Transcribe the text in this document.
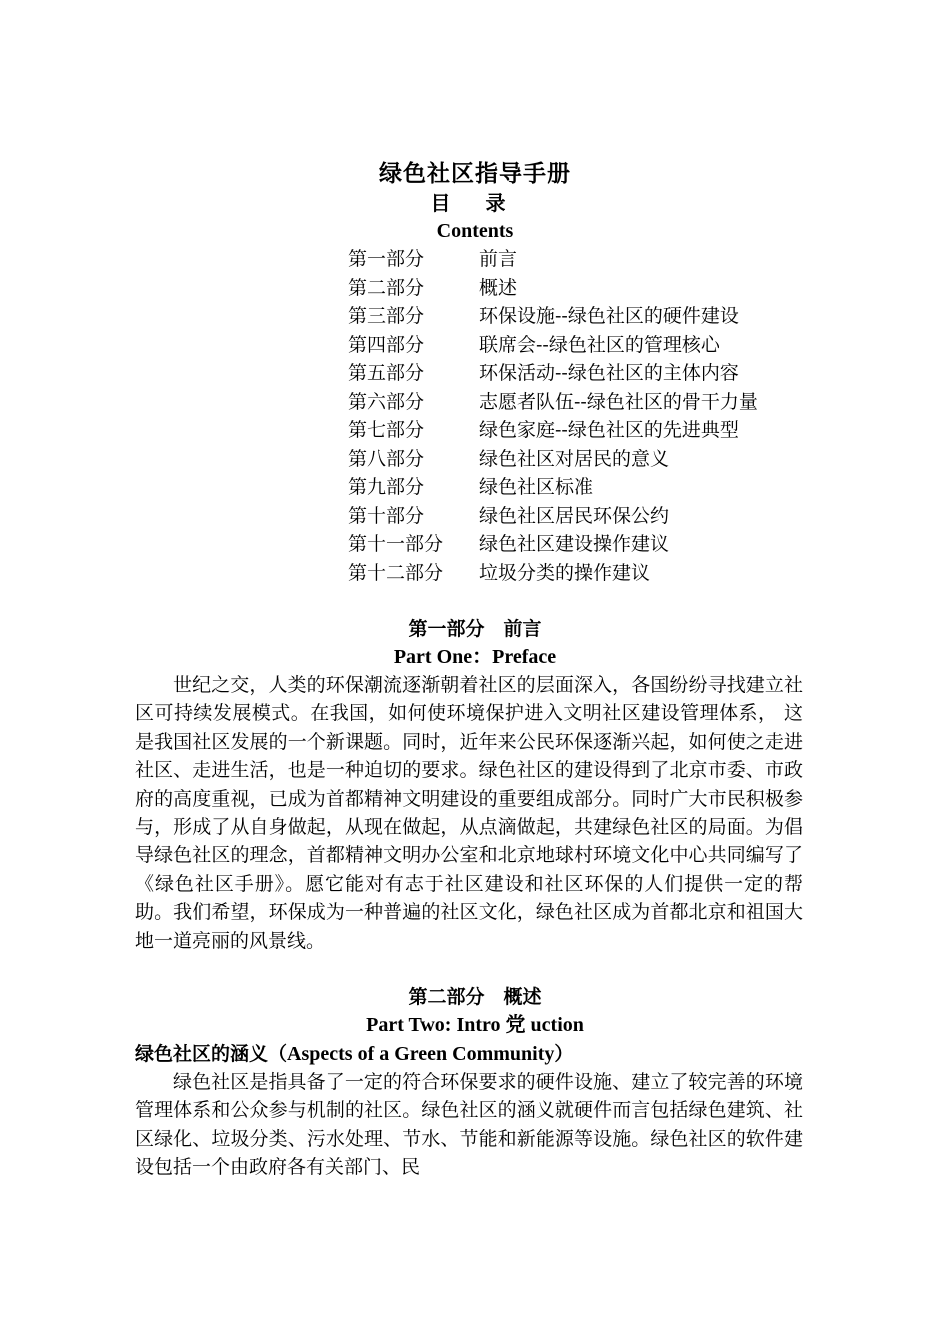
绿色社区指导手册
目 录
Contents
第一部分	前言
第二部分	概述
第三部分	环保设施--绿色社区的硬件建设
第四部分	联席会--绿色社区的管理核心
第五部分	环保活动--绿色社区的主体内容
第六部分	志愿者队伍--绿色社区的骨干力量
第七部分	绿色家庭--绿色社区的先进典型
第八部分	绿色社区对居民的意义
第九部分	绿色社区标准
第十部分	绿色社区居民环保公约
第十一部分 绿色社区建设操作建议
第十二部分 垃圾分类的操作建议
第一部分　前言
Part One：Preface

世纪之交，人类的环保潮流逐渐朝着社区的层面深入，各国纷纷寻找建立社区可持续发展模式。在我国，如何使环境保护进入文明社区建设管理体系， 这是我国社区发展的一个新课题。同时，近年来公民环保逐渐兴起，如何使之走进社区、走进生活，也是一种迫切的要求。绿色社区的建设得到了北京市委、市政府的高度重视，已成为首都精神文明建设的重要组成部分。同时广大市民积极参与，形成了从自身做起，从现在做起，从点滴做起，共建绿色社区的局面。为倡导绿色社区的理念，首都精神文明办公室和北京地球村环境文化中心共同编写了《绿色社区手册》。愿它能对有志于社区建设和社区环保的人们提供一定的帮助。我们希望，环保成为一种普遍的社区文化，绿色社区成为首都北京和祖国大地一道亮丽的风景线。

第二部分　概述
Part Two: Intro 党 uction
绿色社区的涵义（Aspects of a Green Community）

绿色社区是指具备了一定的符合环保要求的硬件设施、建立了较完善的环境管理体系和公众参与机制的社区。绿色社区的涵义就硬件而言包括绿色建筑、社区绿化、垃圾分类、污水处理、节水、节能和新能源等设施。绿色社区的软件建设包括一个由政府各有关部门、民
